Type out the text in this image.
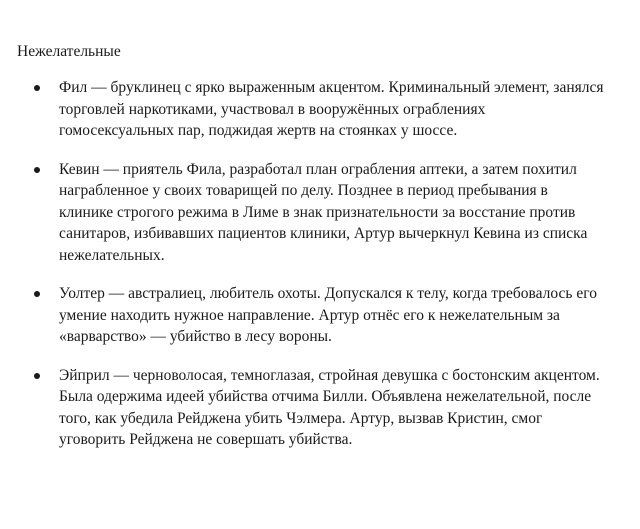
Нежелательные
Фил — бруклинец с ярко выраженным акцентом. Криминальный элемент, занялся торговлей наркотиками, участвовал в вооружённых ограблениях гомосексуальных пар, поджидая жертв на стоянках у шоссе.
Кевин — приятель Фила, разработал план ограбления аптеки, а затем похитил награбленное у своих товарищей по делу. Позднее в период пребывания в клинике строгого режима в Лиме в знак признательности за восстание против санитаров, избивавших пациентов клиники, Артур вычеркнул Кевина из списка нежелательных.
Уолтер — австралиец, любитель охоты. Допускался к телу, когда требовалось его умение находить нужное направление. Артур отнёс его к нежелательным за «варварство» — убийство в лесу вороны.
Эйприл — черноволосая, темноглазая, стройная девушка с бостонским акцентом. Была одержима идеей убийства отчима Билли. Объявлена нежелательной, после того, как убедила Рейджена убить Чэлмера. Артур, вызвав Кристин, смог уговорить Рейджена не совершать убийства.
